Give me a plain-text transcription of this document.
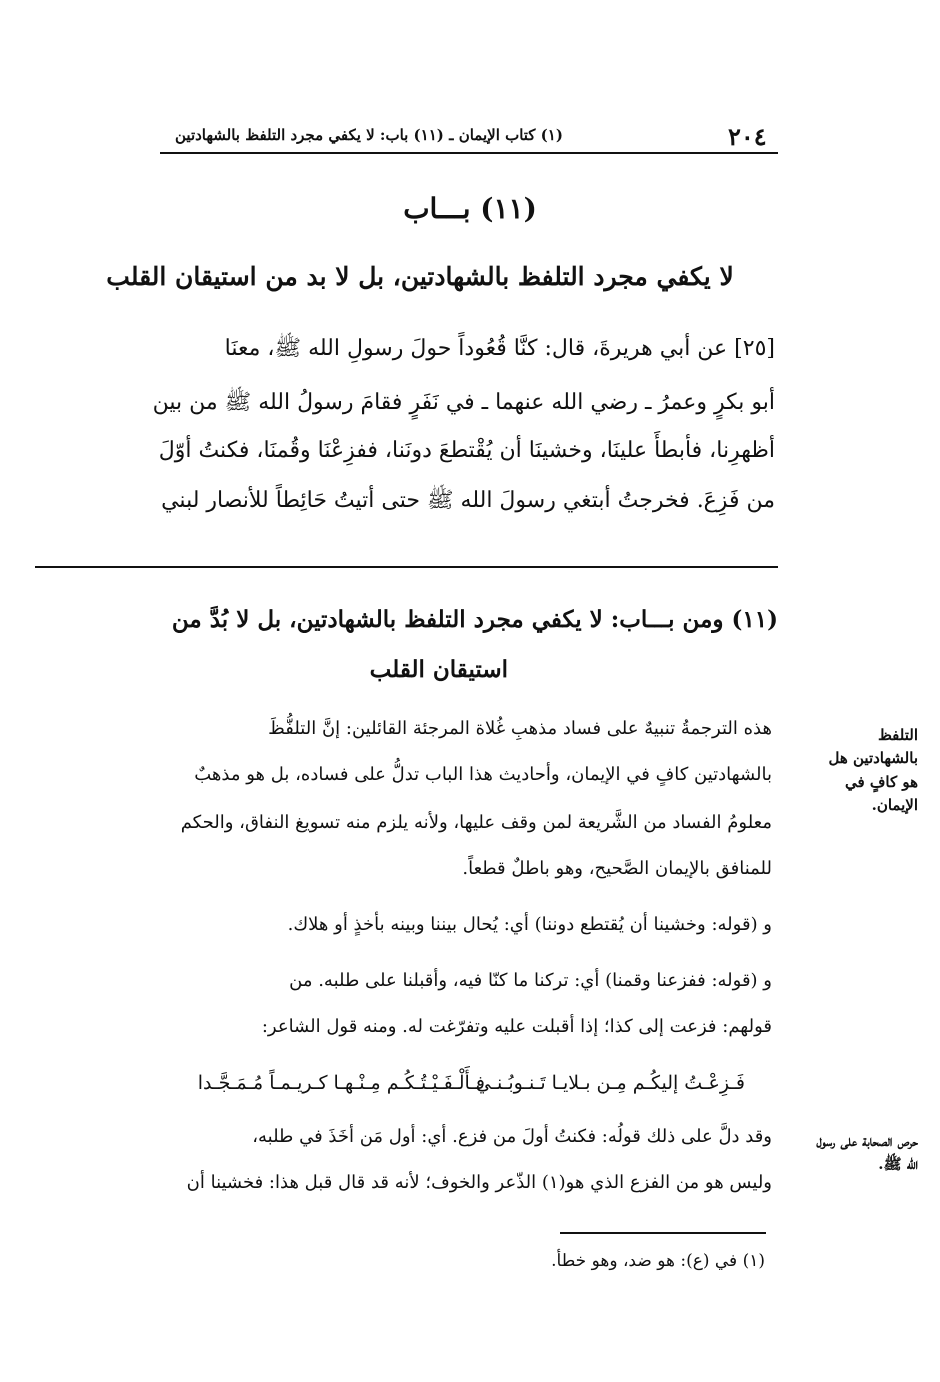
٢٠٤
(١) كتاب الإيمان ـ (١١) باب: لا يكفي مجرد التلفظ بالشهادتين
(١١) بـــاب
لا يكفي مجرد التلفظ بالشهادتين، بل لا بد من استيقان القلب
[٢٥] عن أبي هريرةَ، قال: كنَّا قُعُوداً حولَ رسولِ الله ﷺ، معنَا
أبو بكرٍ وعمرُ ـ رضي الله عنهما ـ في نَفَرٍ فقامَ رسولُ الله ﷺ من بين
أظهرِنا، فأبطأَ علينَا، وخشينَا أن يُقْتطعَ دونَنا، ففزِعْنَا وقُمنَا، فكنتُ أوّلَ
من فَزِعَ. فخرجتُ أبتغي رسولَ الله ﷺ حتى أتيتُ حَائِطاً للأنصار لبني
(١١) ومن بـــاب: لا يكفي مجرد التلفظ بالشهادتين، بل لا بُدَّ من
استيقان القلب
هذه الترجمةُ تنبيهٌ على فساد مذهبِ غُلاة المرجئة القائلين: إنَّ التلفُّظَ
بالشهادتين كافٍ في الإيمان، وأحاديث هذا الباب تدلُّ على فساده، بل هو مذهبٌ
معلومُ الفساد من الشَّريعة لمن وقف عليها، ولأنه يلزم منه تسويغ النفاق، والحكم
للمنافق بالإيمان الصَّحيح، وهو باطلٌ قطعاً.
و (قوله: وخشينا أن يُقتطع دوننا) أي: يُحال بيننا وبينه بأخذٍ أو هلاك.
و (قوله: ففزعنا وقمنا) أي: تركنا ما كنّا فيه، وأقبلنا على طلبه. من
قولهم: فزعت إلى كذا؛ إذا أقبلت عليه وتفرّغت له. ومنه قول الشاعر:
فَـزِعْـتُ إليكُـم مِـن بـلايـا تَـنـوبُـنـي
فـأَلْـفَـيْـتُـكُـم مِـنْـهـا كـريـمـاً مُـمَـجَّـدا
وقد دلَّ على ذلك قولُه: فكنتُ أولَ من فزع. أي: أول مَن أخَذَ في طلبه،
وليس هو من الفزع الذي هو(١) الذّعر والخوف؛ لأنه قد قال قبل هذا: فخشينا أن
التلفظ بالشهادتين هل هو كافٍ في الإيمان.
حرص الصحابة على رسول الله ﷺ.
(١) في (ع): هو ضد، وهو خطأ.
